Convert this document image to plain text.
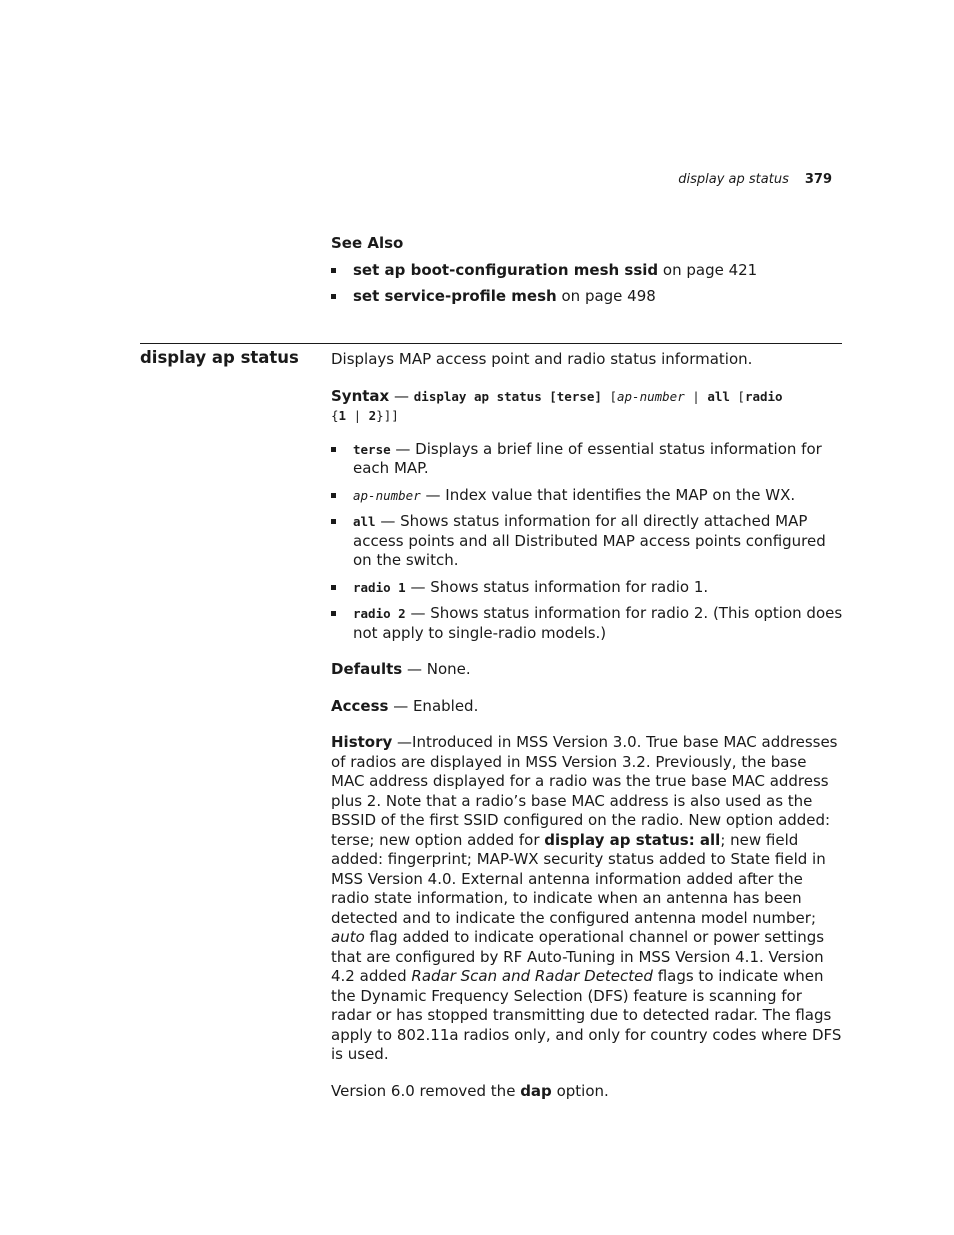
display ap status 379
See Also
set ap boot-configuration mesh ssid on page 421
set service-profile mesh on page 498
display ap status Displays MAP access point and radio status information.
Syntax — display ap status [terse] [ap-number | all [radio
{1 | 2}]]
terse — Displays a brief line of essential status information for each MAP.
ap-number — Index value that identifies the MAP on the WX.
all — Shows status information for all directly attached MAP access points and all Distributed MAP access points configured on the switch.
radio 1 — Shows status information for radio 1.
radio 2 — Shows status information for radio 2. (This option does not apply to single-radio models.)
Defaults — None.
Access — Enabled.
History —Introduced in MSS Version 3.0. True base MAC addresses of radios are displayed in MSS Version 3.2. Previously, the base MAC address displayed for a radio was the true base MAC address plus 2. Note that a radio’s base MAC address is also used as the BSSID of the first SSID configured on the radio. New option added: terse; new option added for display ap status: all; new field added: fingerprint; MAP-WX security status added to State field in MSS Version 4.0. External antenna information added after the radio state information, to indicate when an antenna has been detected and to indicate the configured antenna model number; auto flag added to indicate operational channel or power settings that are configured by RF Auto-Tuning in MSS Version 4.1. Version 4.2 added Radar Scan and Radar Detected flags to indicate when the Dynamic Frequency Selection (DFS) feature is scanning for radar or has stopped transmitting due to detected radar. The flags apply to 802.11a radios only, and only for country codes where DFS is used.
Version 6.0 removed the dap option.
